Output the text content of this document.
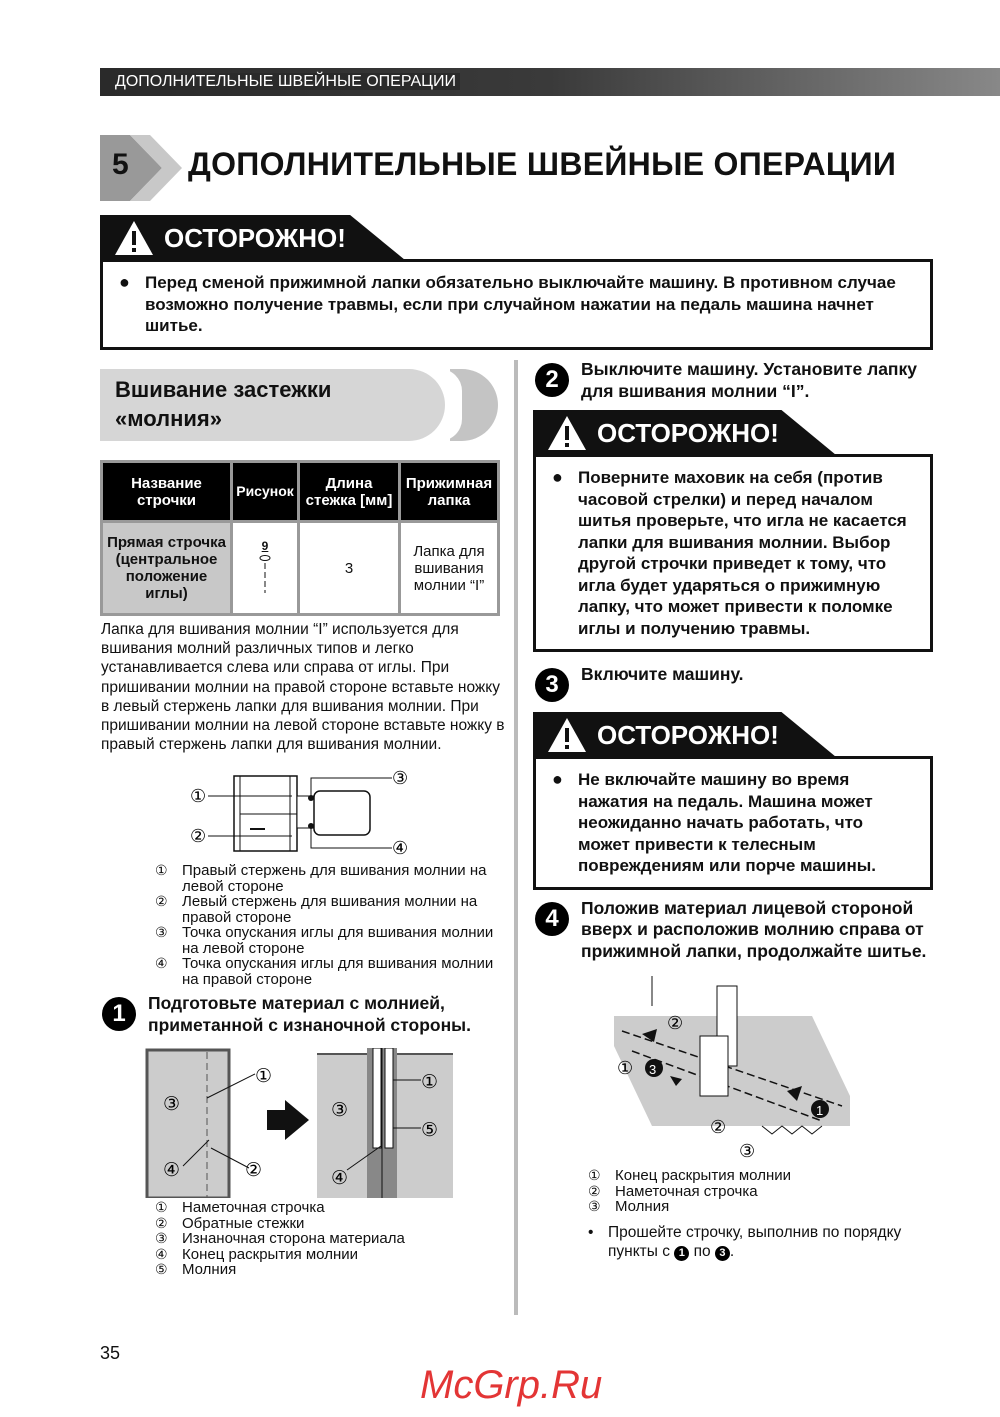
ДОПОЛНИТЕЛЬНЫЕ ШВЕЙНЫЕ ОПЕРАЦИИ
5 ДОПОЛНИТЕЛЬНЫЕ ШВЕЙНЫЕ ОПЕРАЦИИ
ОСТОРОЖНО!
● Перед сменой прижимной лапки обязательно выключайте машину. В противном случае возможно получение травмы, если при случайном нажатии на педаль машина начнет шитье.
Вшивание застежки
«молния»
Название строчки	Рисунок	Длина стежка [мм]	Прижимная лапка
Прямая строчка (центральное положение иглы)	9	3	Лапка для вшивания молнии “I”
Лапка для вшивания молнии “I” используется для вшивания молний различных типов и легко устанавливается слева или справа от иглы. При пришивании молнии на правой стороне вставьте ножку в левый стержень лапки для вшивания молнии. При пришивании молнии на левой стороне вставьте ножку в правый стержень лапки для вшивания молнии.
①
②
③
④
① Правый стержень для вшивания молнии на левой стороне
② Левый стержень для вшивания молнии на правой стороне
③ Точка опускания иглы для вшивания молнии на левой стороне
④ Точка опускания иглы для вшивания молнии на правой стороне
1	Подготовьте материал с молнией, приметанной с изнаночной стороны.
①
②
③
④
①
⑤
③
④
① Наметочная строчка
② Обратные стежки
③ Изнаночная сторона материала
④ Конец раскрытия молнии
⑤ Молния
2	Выключите машину. Установите лапку для вшивания молнии “I”.
ОСТОРОЖНО!
● Поверните маховик на себя (против часовой стрелки) и перед началом шитья проверьте, что игла не касается лапки для вшивания молнии. Выбор другой строчки приведет к тому, что игла будет ударяться о прижимную лапку, что может привести к поломке иглы и получению травмы.
3	Включите машину.
ОСТОРОЖНО!
● Не включайте машину во время нажатия на педаль. Машина может неожиданно начать работать, что может привести к телесным повреждениям или порче машины.
4	Положив материал лицевой стороной вверх и расположив молнию справа от прижимной лапки, продолжайте шитье.
②
① 3
1
②
③
① Конец раскрытия молнии
② Наметочная строчка
③ Молния
• Прошейте строчку, выполнив по порядку пункты с 1 по 3 .
35
McGrp.Ru
